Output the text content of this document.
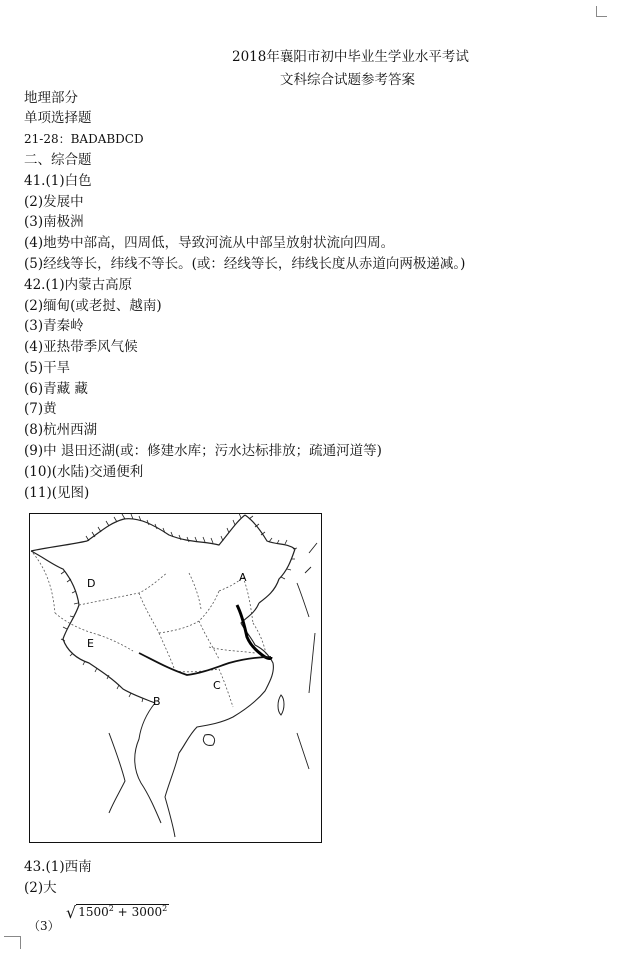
2018年襄阳市初中毕业生学业水平考试
文科综合试题参考答案
地理部分
单项选择题
21-28：BADABDCD
二、综合题
41.(1)白色
(2)发展中
(3)南极洲
(4)地势中部高，四周低，导致河流从中部呈放射状流向四周。
(5)经线等长，纬线不等长。(或：经线等长，纬线长度从赤道向两极递减。)
42.(1)内蒙古高原
(2)缅甸(或老挝、越南)
(3)青秦岭
(4)亚热带季风气候
(5)干旱
(6)青藏 藏
(7)黄
(8)杭州西湖
(9)中 退田还湖(或：修建水库；污水达标排放；疏通河道等)
(10)(水陆)交通便利
(11)(见图)
A
B
C
D
E
43.(1)西南
(2)大
（3）
√ $1500^2 + 3000^2$
